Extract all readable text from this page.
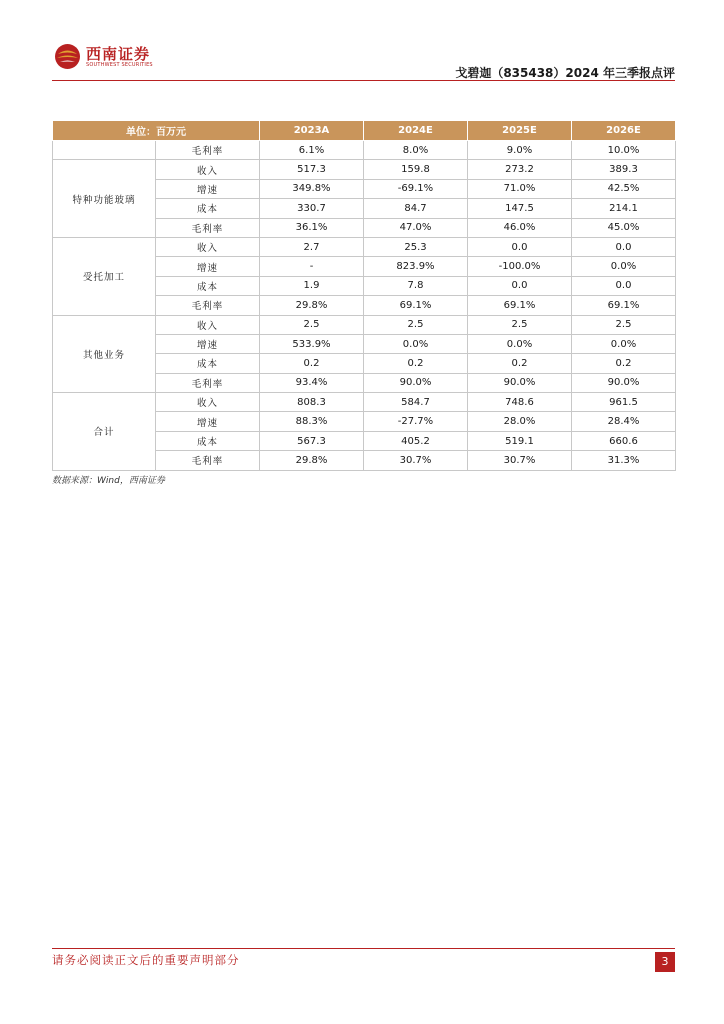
西南证券
SOUTHWEST SECURITIES
戈碧迦（835438）2024 年三季报点评
单位：百万元		2023A	2024E	2025E	2026E
	毛利率	6.1%	8.0%	9.0%	10.0%
特种功能玻璃	收入	517.3	159.8	273.2	389.3
	增速	349.8%	-69.1%	71.0%	42.5%
	成本	330.7	84.7	147.5	214.1
	毛利率	36.1%	47.0%	46.0%	45.0%
受托加工	收入	2.7	25.3	0.0	0.0
	增速	-	823.9%	-100.0%	0.0%
	成本	1.9	7.8	0.0	0.0
	毛利率	29.8%	69.1%	69.1%	69.1%
其他业务	收入	2.5	2.5	2.5	2.5
	增速	533.9%	0.0%	0.0%	0.0%
	成本	0.2	0.2	0.2	0.2
	毛利率	93.4%	90.0%	90.0%	90.0%
合计	收入	808.3	584.7	748.6	961.5
	增速	88.3%	-27.7%	28.0%	28.4%
	成本	567.3	405.2	519.1	660.6
	毛利率	29.8%	30.7%	30.7%	31.3%
数据来源：Wind，西南证券
请务必阅读正文后的重要声明部分	3
